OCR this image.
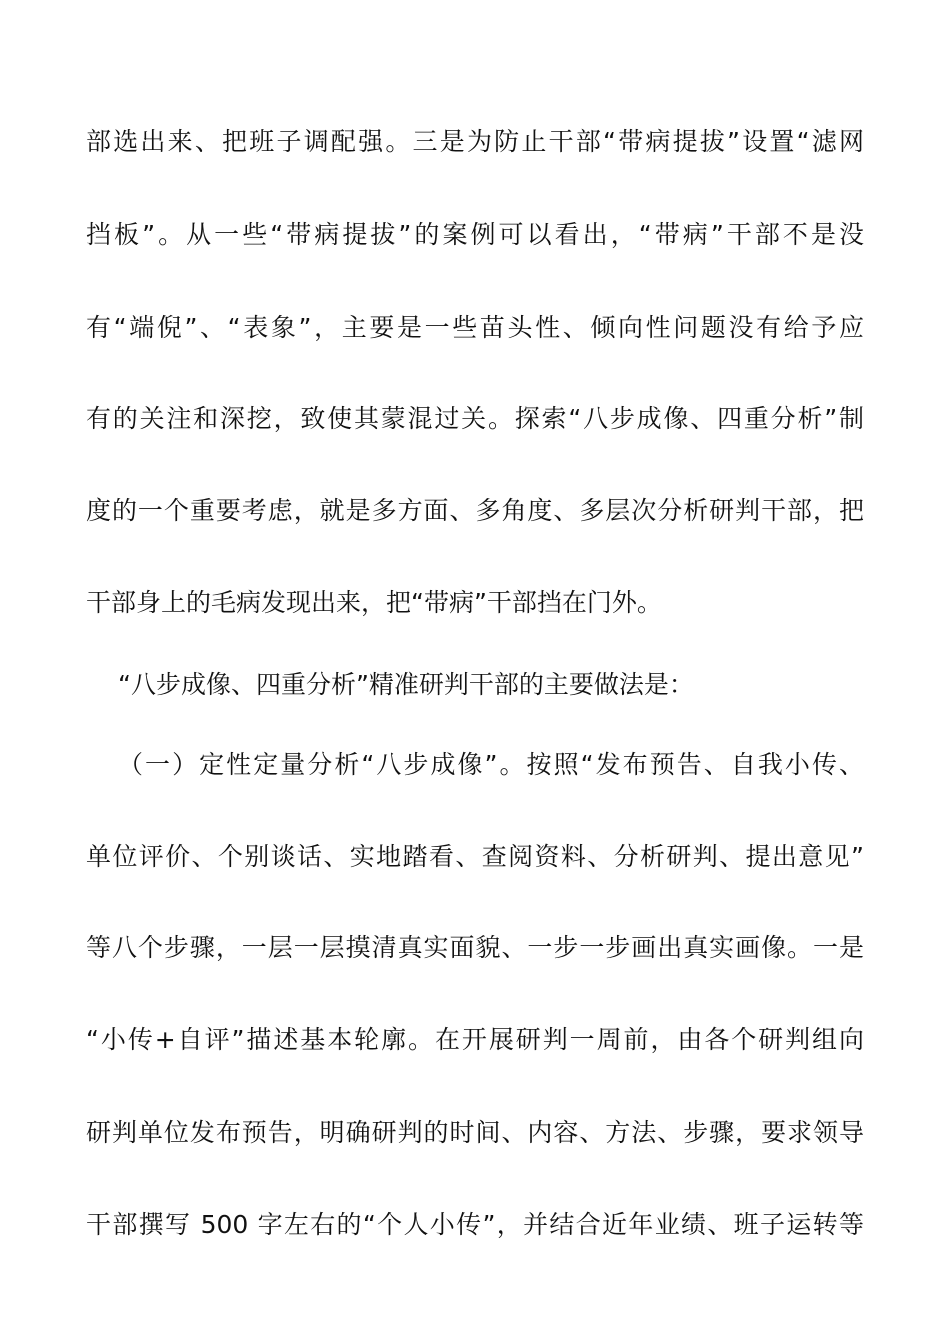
部选出来、把班子调配强。三是为防止干部“带病提拔”设置“滤网
挡板”。从一些“带病提拔”的案例可以看出，“带病”干部不是没
有“端倪”、“表象”，主要是一些苗头性、倾向性问题没有给予应
有的关注和深挖，致使其蒙混过关。探索“八步成像、四重分析”制
度的一个重要考虑，就是多方面、多角度、多层次分析研判干部，把
干部身上的毛病发现出来，把“带病”干部挡在门外。
“八步成像、四重分析”精准研判干部的主要做法是：
（一）定性定量分析“八步成像”。按照“发布预告、自我小传、
单位评价、个别谈话、实地踏看、查阅资料、分析研判、提出意见”
等八个步骤，一层一层摸清真实面貌、一步一步画出真实画像。一是
“小传+自评”描述基本轮廓。在开展研判一周前，由各个研判组向
研判单位发布预告，明确研判的时间、内容、方法、步骤，要求领导
干部撰写 500 字左右的“个人小传”，并结合近年业绩、班子运转等
